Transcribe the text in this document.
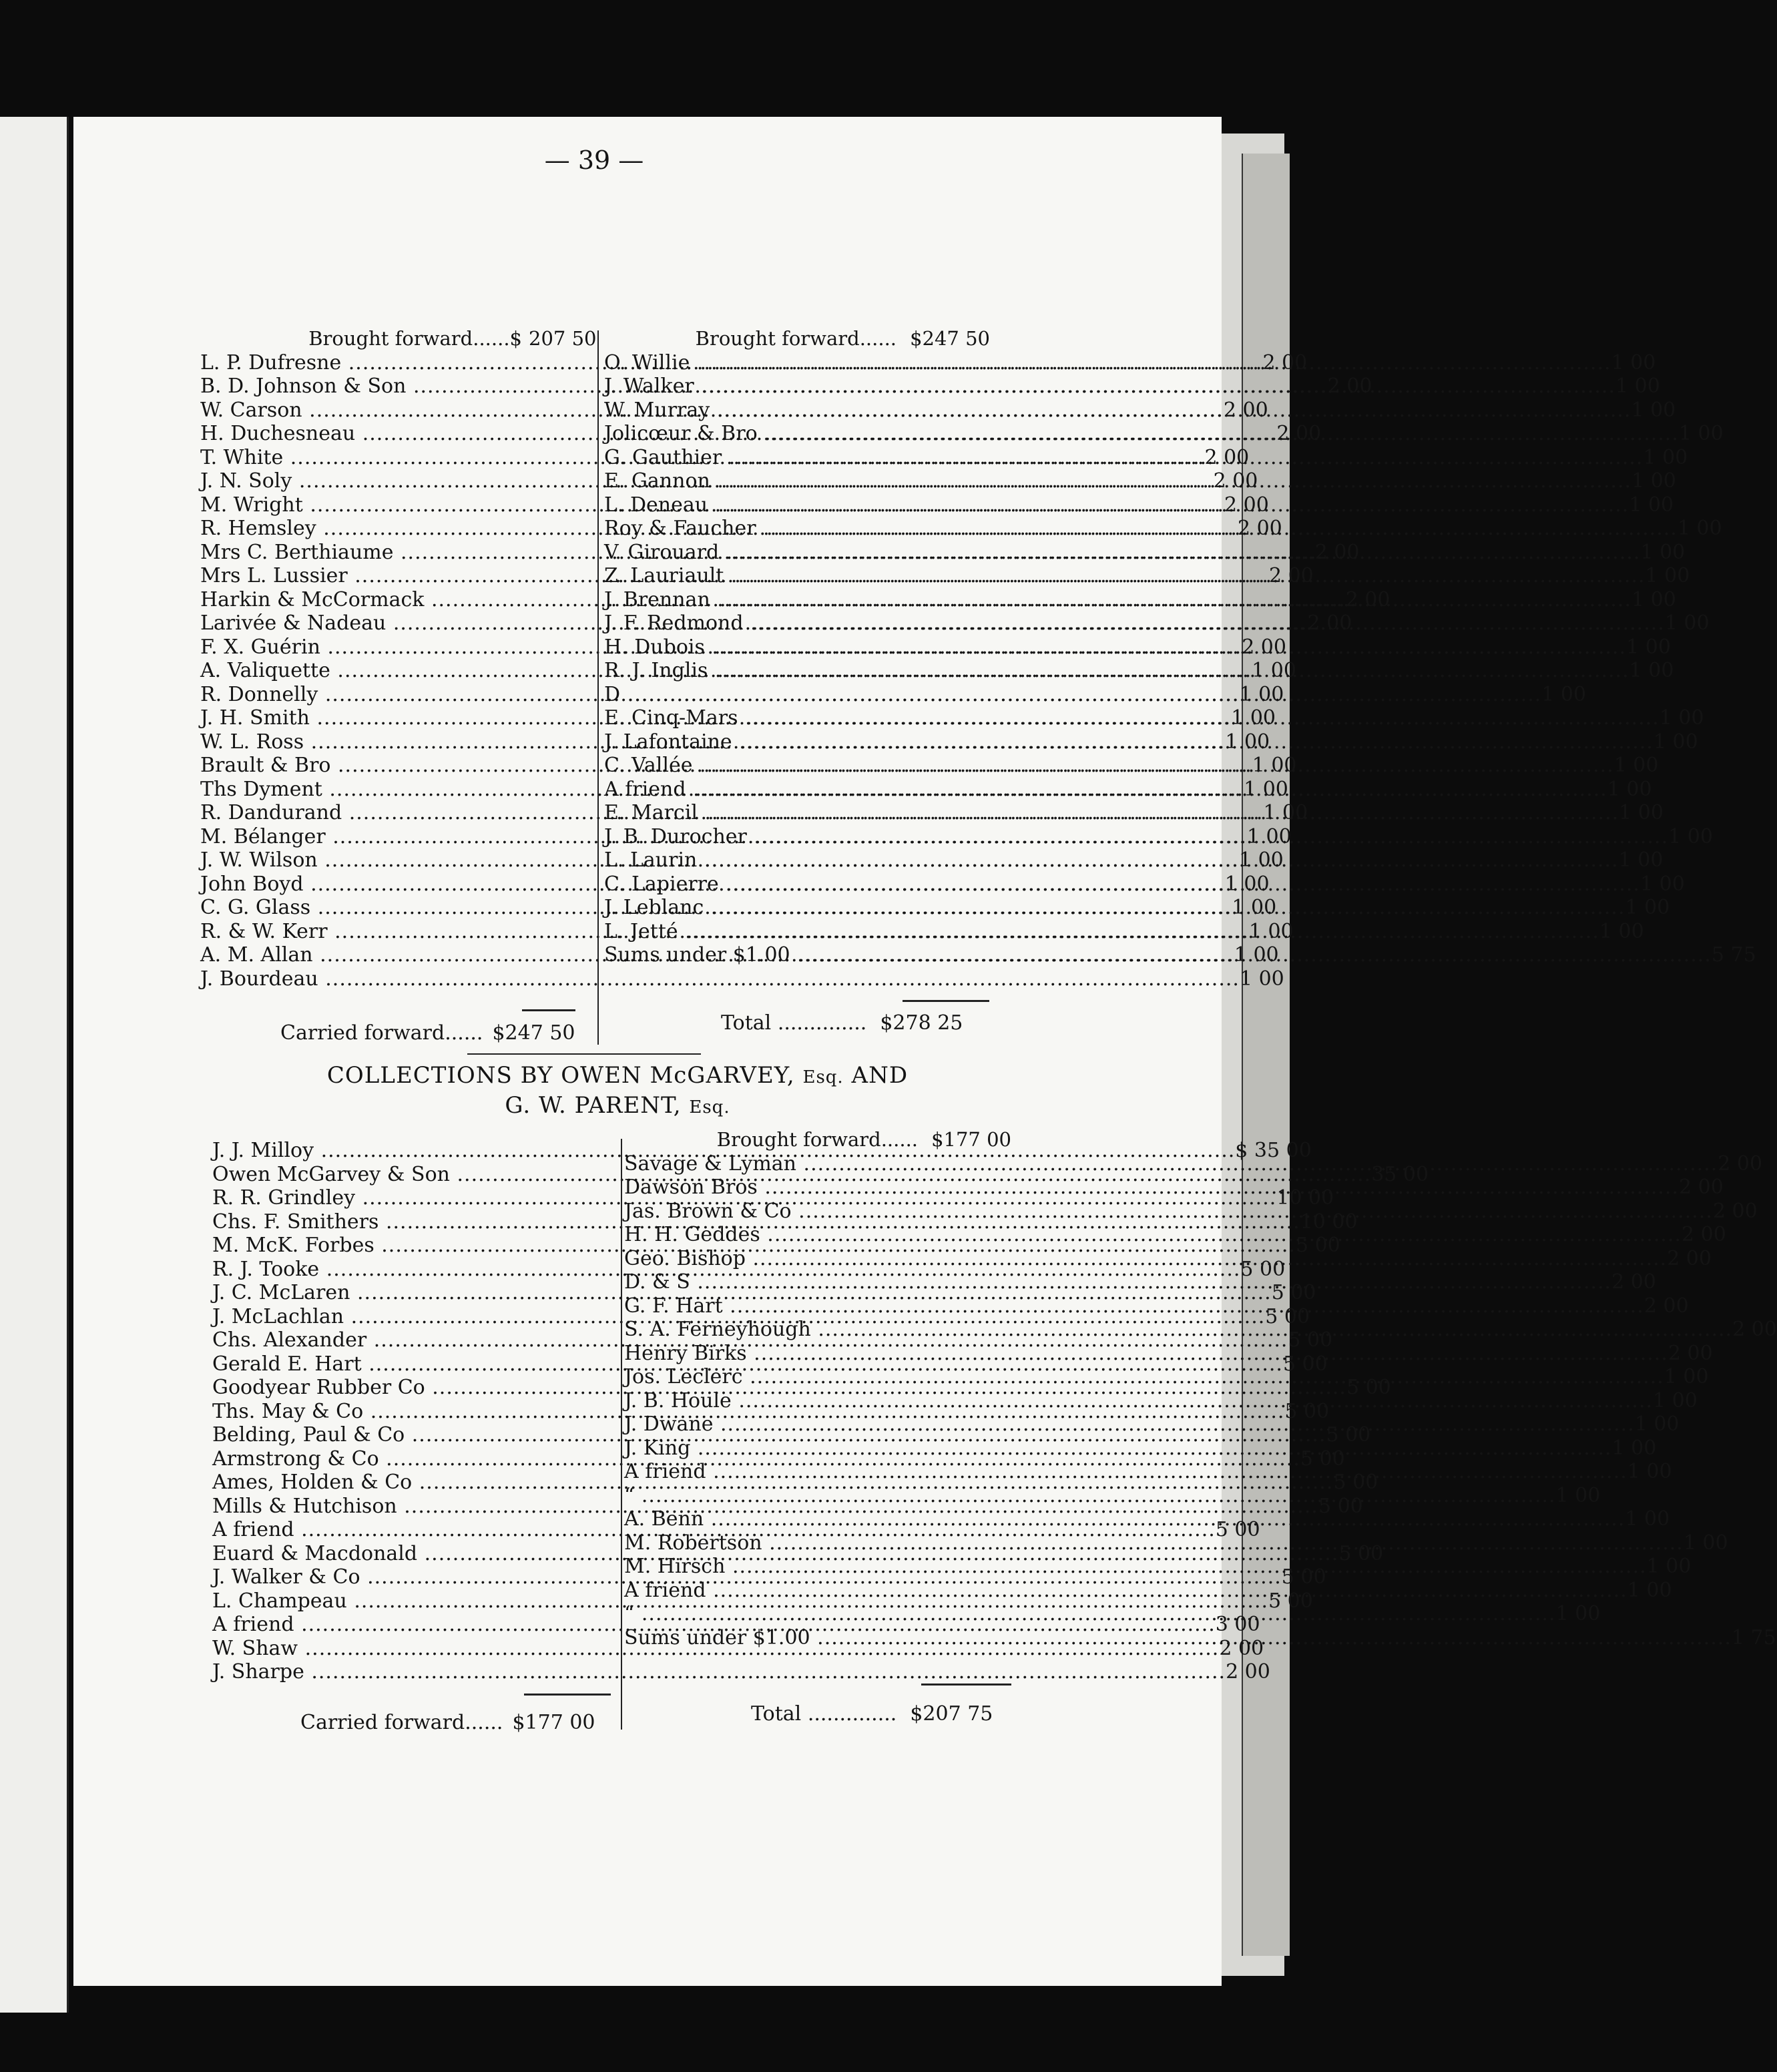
— 39 —
Brought forward......$ 207 50
L. P. Dufresne .....	2 00
B. D. Johnson & Son .....	2 00
W. Carson .....	2 00
H. Duchesneau .....	2 00
T. White .....	2 00
J. N. Soly .....	2 00
M. Wright .....	2 00
R. Hemsley .....	2 00
Mrs C. Berthiaume .....	2 00
Mrs L. Lussier .....	2 00
Harkin & McCormack .....	2 00
Larivée & Nadeau .....	2 00
F. X. Guérin .....	2 00
A. Valiquette .....	1 00
R. Donnelly .....	1 00
J. H. Smith .....	1 00
W. L. Ross .....	1 00
Brault & Bro .....	1 00
Ths Dyment .....	1 00
R. Dandurand .....	1 00
M. Bélanger .....	1 00
J. W. Wilson .....	1 00
John Boyd .....	1 00
C. G. Glass .....	1 00
R. & W. Kerr .....	1 00
A. M. Allan .....	1 00
J. Bourdeau .....	1 00
Carried forward...... $247 50
Brought forward...... $247 50
O. Willie .....	1 00
J. Walker .....	1 00
W. Murray .....	1 00
Jolicœur & Bro .....	1 00
G. Gauthier .....	1 00
E. Gannon .....	1 00
L. Deneau .....	1 00
Roy & Faucher .....	1 00
V. Girouard .....	1 00
Z. Lauriault .....	1 00
J. Brennan .....	1 00
J. F. Redmond .....	1 00
H. Dubois .....	1 00
R. J. Inglis .....	1 00
D .....	1 00
E. Cinq-Mars .....	1 00
J. Lafontaine .....	1 00
C. Vallée .....	1 00
A friend .....	1 00
E. Marcil .....	1 00
J. B. Durocher .....	1 00
L. Laurin .....	1 00
C. Lapierre .....	1 00
J. Leblanc .....	1 00
L. Jetté .....	1 00
Sums under $1.00 .....	5 75
Total .............. $278 25
COLLECTIONS BY OWEN McGARVEY, Esq. AND
G. W. PARENT, Esq.
J. J. Milloy .....	$ 35 00
Owen McGarvey & Son .....	35 00
R. R. Grindley .....	10 00
Chs. F. Smithers .....	10 00
M. McK. Forbes .....	5 00
R. J. Tooke .....	5 00
J. C. McLaren .....	5 00
J. McLachlan .....	5 00
Chs. Alexander .....	5 00
Gerald E. Hart .....	5 00
Goodyear Rubber Co .....	5 00
Ths. May & Co .....	5 00
Belding, Paul & Co .....	5 00
Armstrong & Co .....	5 00
Ames, Holden & Co .....	5 00
Mills & Hutchison .....	5 00
A friend .....	5 00
Euard & Macdonald .....	5 00
J. Walker & Co .....	5 00
L. Champeau .....	5 00
A friend .....	3 00
W. Shaw .....	2 00
J. Sharpe .....	2 00
Carried forward...... $177 00
Brought forward...... $177 00
Savage & Lyman .....	2 00
Dawson Bros .....	2 00
Jas. Brown & Co .....	2 00
H. H. Geddes .....	2 00
Geo. Bishop .....	2 00
D. & S .....	2 00
G. F. Hart .....	2 00
S. A. Ferneyhough .....	2 00
Henry Birks .....	2 00
Jos. Leclerc .....	1 00
J. B. Houle .....	1 00
J. Dwane .....	1 00
J. King .....	1 00
A friend .....	1 00
“ .....	1 00
A. Benn .....	1 00
M. Robertson .....	1 00
M. Hirsch .....	1 00
A friend .....	1 00
“ .....	1 00
Sums under $1.00 .....	1 75
Total .............. $207 75
